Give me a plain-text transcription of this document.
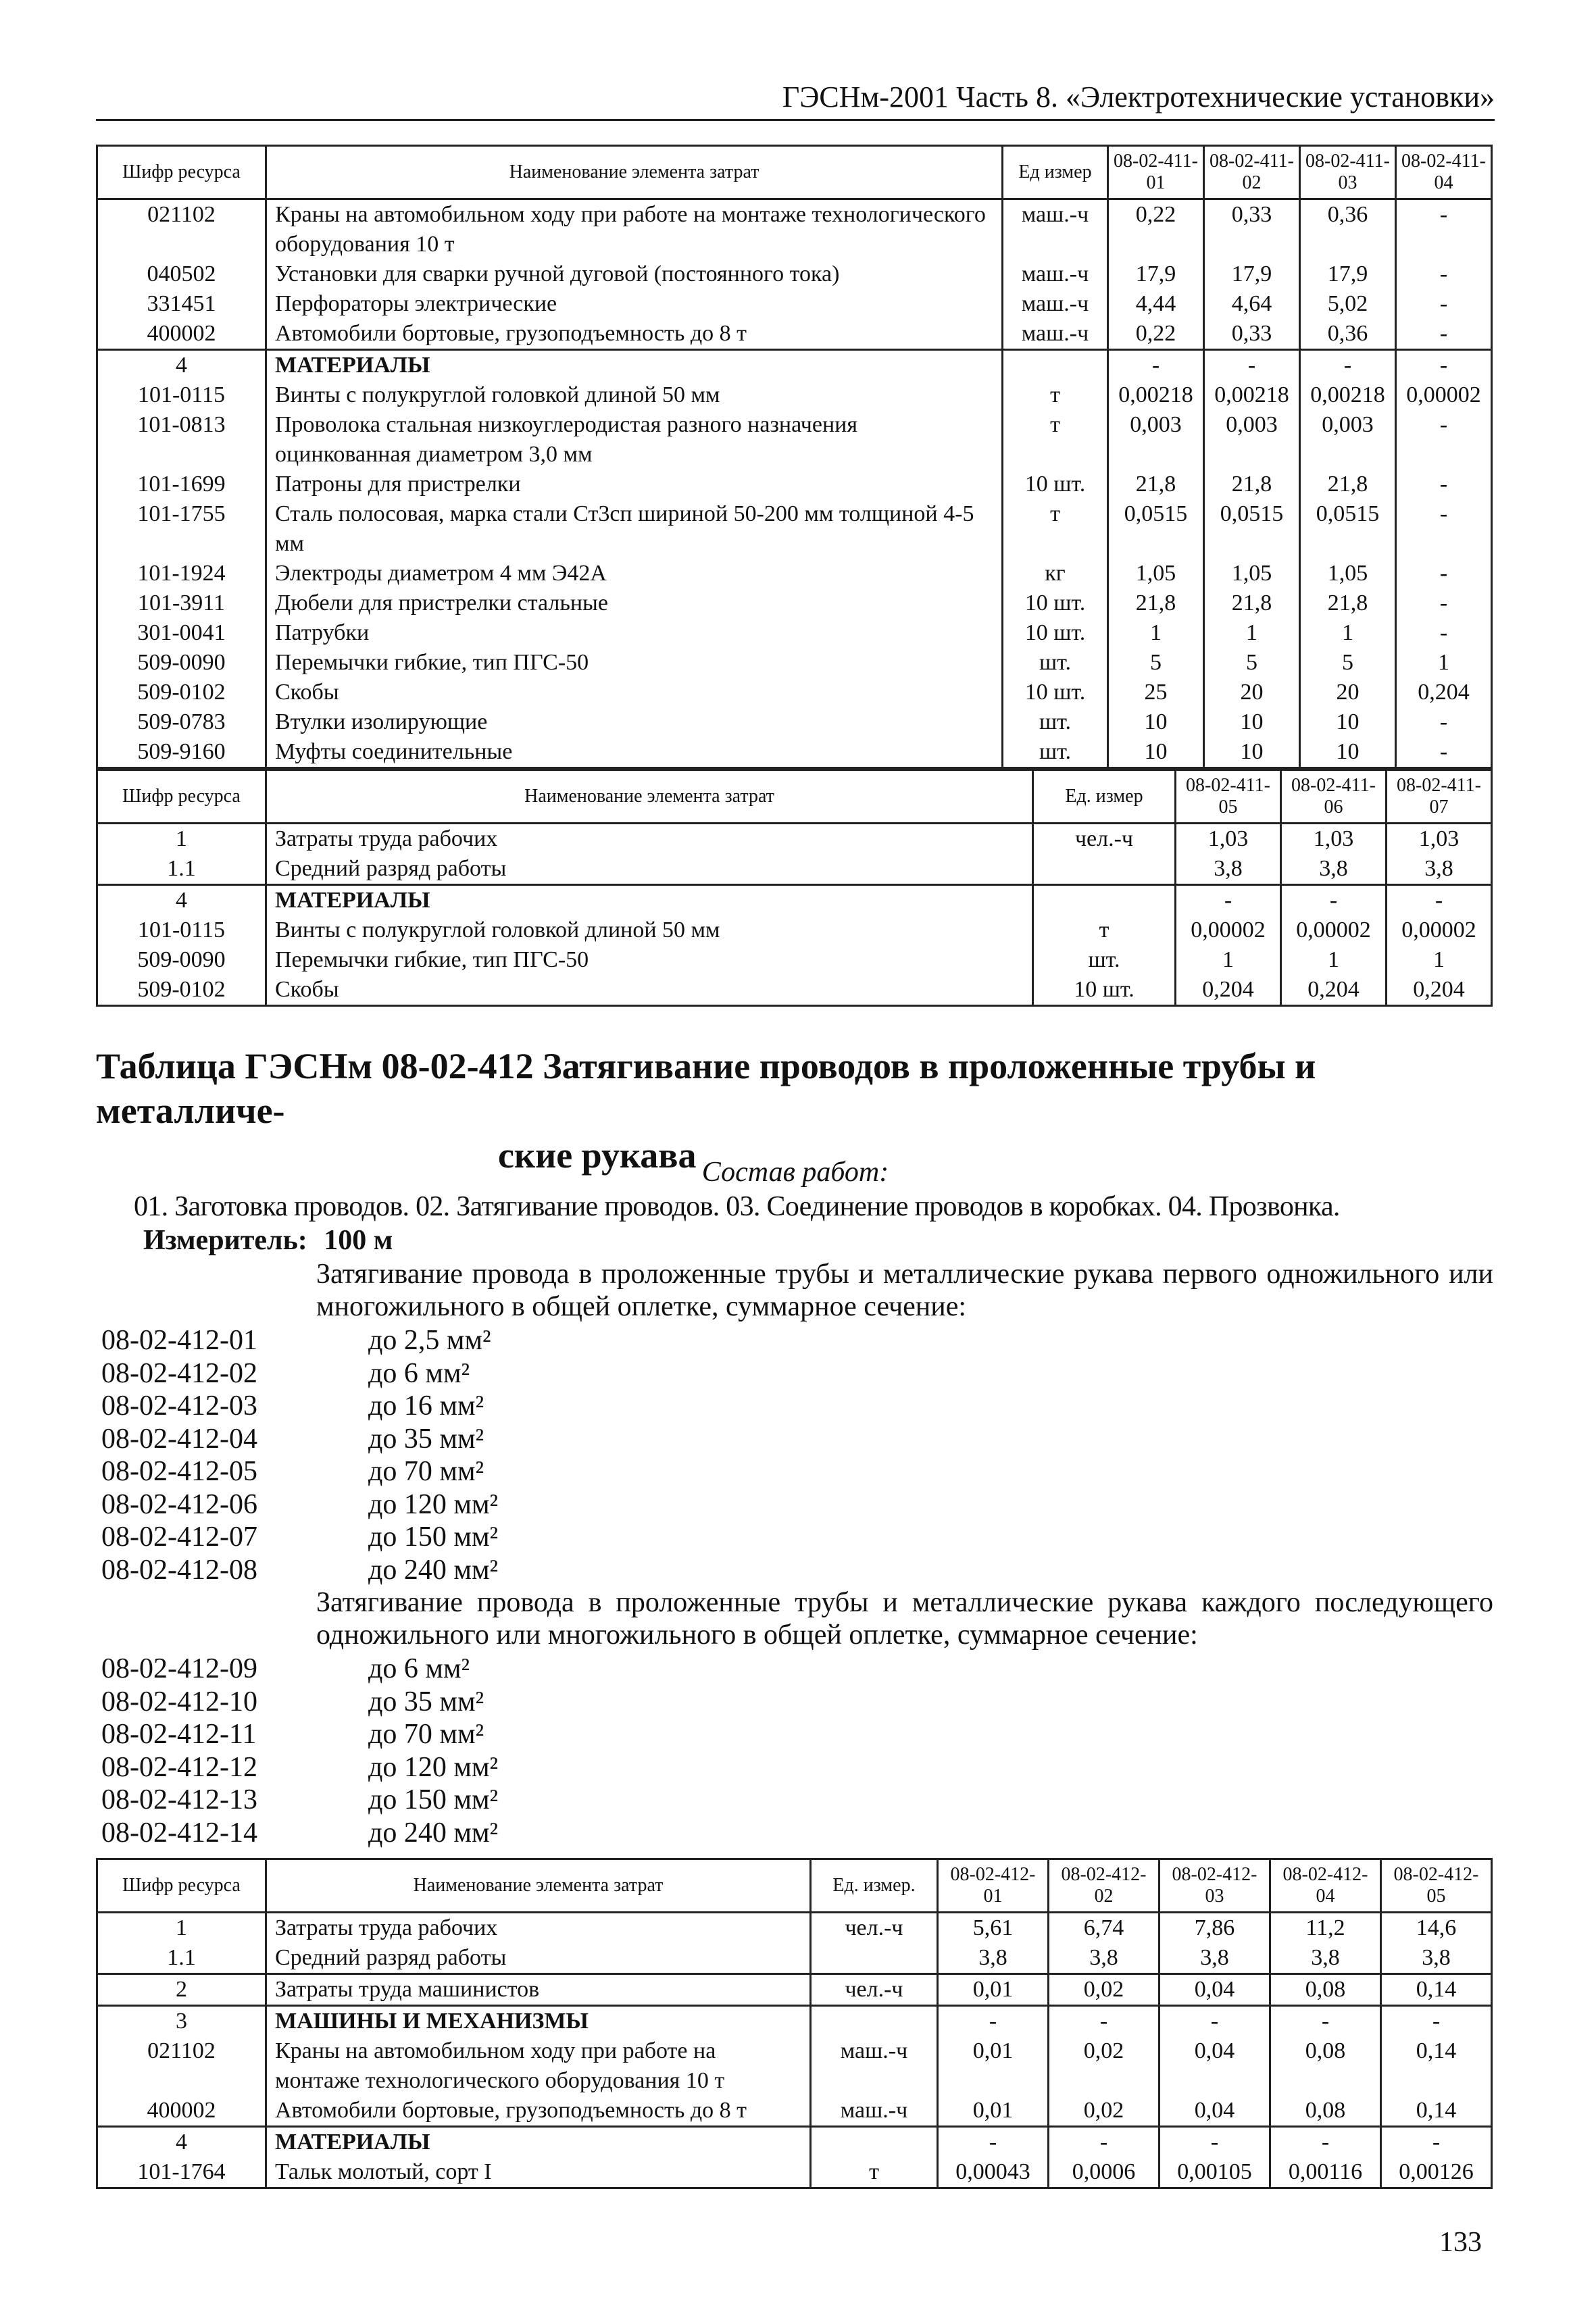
ГЭСНм-2001 Часть 8. «Электротехнические установки»
Шифр ресурса	Наименование элемента затрат	Ед измер	08-02-411-01	08-02-411-02	08-02-411-03	08-02-411-04
021102	Краны на автомобильном ходу при работе на монтаже технологического оборудования 10 т	маш.-ч	0,22	0,33	0,36	-
040502	Установки для сварки ручной дуговой (постоянного тока)	маш.-ч	17,9	17,9	17,9	-
331451	Перфораторы электрические	маш.-ч	4,44	4,64	5,02	-
400002	Автомобили бортовые, грузоподъемность до 8 т	маш.-ч	0,22	0,33	0,36	-
4	МАТЕРИАЛЫ		-	-	-	-
101-0115	Винты с полукруглой головкой длиной 50 мм	т	0,00218	0,00218	0,00218	0,00002
101-0813	Проволока стальная низкоуглеродистая разного назначения оцинкованная диаметром 3,0 мм	т	0,003	0,003	0,003	-
101-1699	Патроны для пристрелки	10 шт.	21,8	21,8	21,8	-
101-1755	Сталь полосовая, марка стали Ст3сп шириной 50-200 мм толщиной 4-5 мм	т	0,0515	0,0515	0,0515	-
101-1924	Электроды диаметром 4 мм Э42А	кг	1,05	1,05	1,05	-
101-3911	Дюбели для пристрелки стальные	10 шт.	21,8	21,8	21,8	-
301-0041	Патрубки	10 шт.	1	1	1	-
509-0090	Перемычки гибкие, тип ПГС-50	шт.	5	5	5	1
509-0102	Скобы	10 шт.	25	20	20	0,204
509-0783	Втулки изолирующие	шт.	10	10	10	-
509-9160	Муфты соединительные	шт.	10	10	10	-
Шифр ресурса	Наименование элемента затрат	Ед. измер	08-02-411-05	08-02-411-06	08-02-411-07
1	Затраты труда рабочих	чел.-ч	1,03	1,03	1,03
1.1	Средний разряд работы		3,8	3,8	3,8
4	МАТЕРИАЛЫ		-	-	-
101-0115	Винты с полукруглой головкой длиной 50 мм	т	0,00002	0,00002	0,00002
509-0090	Перемычки гибкие, тип ПГС-50	шт.	1	1	1
509-0102	Скобы	10 шт.	0,204	0,204	0,204
Таблица ГЭСНм 08-02-412 Затягивание проводов в проложенные трубы и металличе-
ские рукава Состав работ:
01. Заготовка проводов. 02. Затягивание проводов. 03. Соединение проводов в коробках. 04. Прозвонка.
Измеритель: 100 м
Затягивание провода в проложенные трубы и металлические рукава первого одножильного или многожильного в общей оплетке, суммарное сечение:
08-02-412-01	до 2,5 мм²
08-02-412-02	до 6 мм²
08-02-412-03	до 16 мм²
08-02-412-04	до 35 мм²
08-02-412-05	до 70 мм²
08-02-412-06	до 120 мм²
08-02-412-07	до 150 мм²
08-02-412-08	до 240 мм²
Затягивание провода в проложенные трубы и металлические рукава каждого последующего одножильного или многожильного в общей оплетке, суммарное сечение:
08-02-412-09	до 6 мм²
08-02-412-10	до 35 мм²
08-02-412-11	до 70 мм²
08-02-412-12	до 120 мм²
08-02-412-13	до 150 мм²
08-02-412-14	до 240 мм²
Шифр ресурса	Наименование элемента затрат	Ед. измер.	08-02-412-01	08-02-412-02	08-02-412-03	08-02-412-04	08-02-412-05
1	Затраты труда рабочих	чел.-ч	5,61	6,74	7,86	11,2	14,6
1.1	Средний разряд работы		3,8	3,8	3,8	3,8	3,8
2	Затраты труда машинистов	чел.-ч	0,01	0,02	0,04	0,08	0,14
3	МАШИНЫ И МЕХАНИЗМЫ		-	-	-	-	-
021102	Краны на автомобильном ходу при работе на монтаже технологического оборудования 10 т	маш.-ч	0,01	0,02	0,04	0,08	0,14
400002	Автомобили бортовые, грузоподъемность до 8 т	маш.-ч	0,01	0,02	0,04	0,08	0,14
4	МАТЕРИАЛЫ		-	-	-	-	-
101-1764	Тальк молотый, сорт I	т	0,00043	0,0006	0,00105	0,00116	0,00126
133
